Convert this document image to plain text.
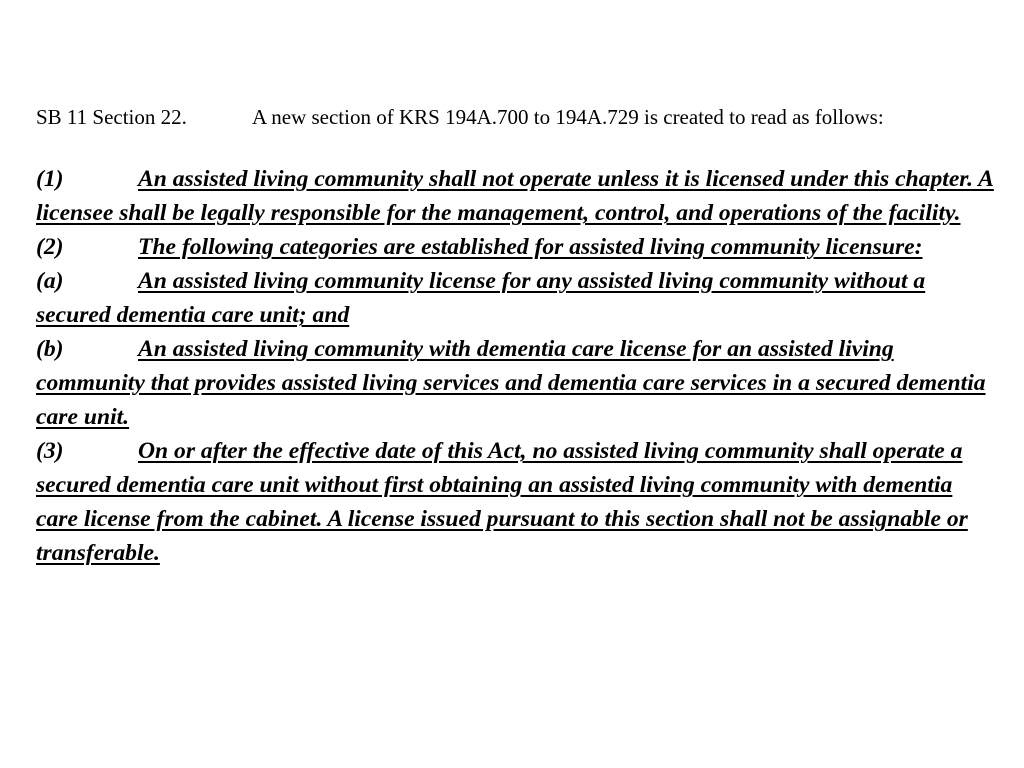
SB 11 Section 22.	A new section of KRS 194A.700 to 194A.729 is created to read as follows:

(1)	An assisted living community shall not operate unless it is licensed under this chapter. A licensee shall be legally responsible for the management, control, and operations of the facility.

(2)	The following categories are established for assisted living community licensure:

(a)	An assisted living community license for any assisted living community without a secured dementia care unit; and

(b)	An assisted living community with dementia care license for an assisted living community that provides assisted living services and dementia care services in a secured dementia care unit.

(3)	On or after the effective date of this Act, no assisted living community shall operate a secured dementia care unit without first obtaining an assisted living community with dementia care license from the cabinet. A license issued pursuant to this section shall not be assignable or transferable.
